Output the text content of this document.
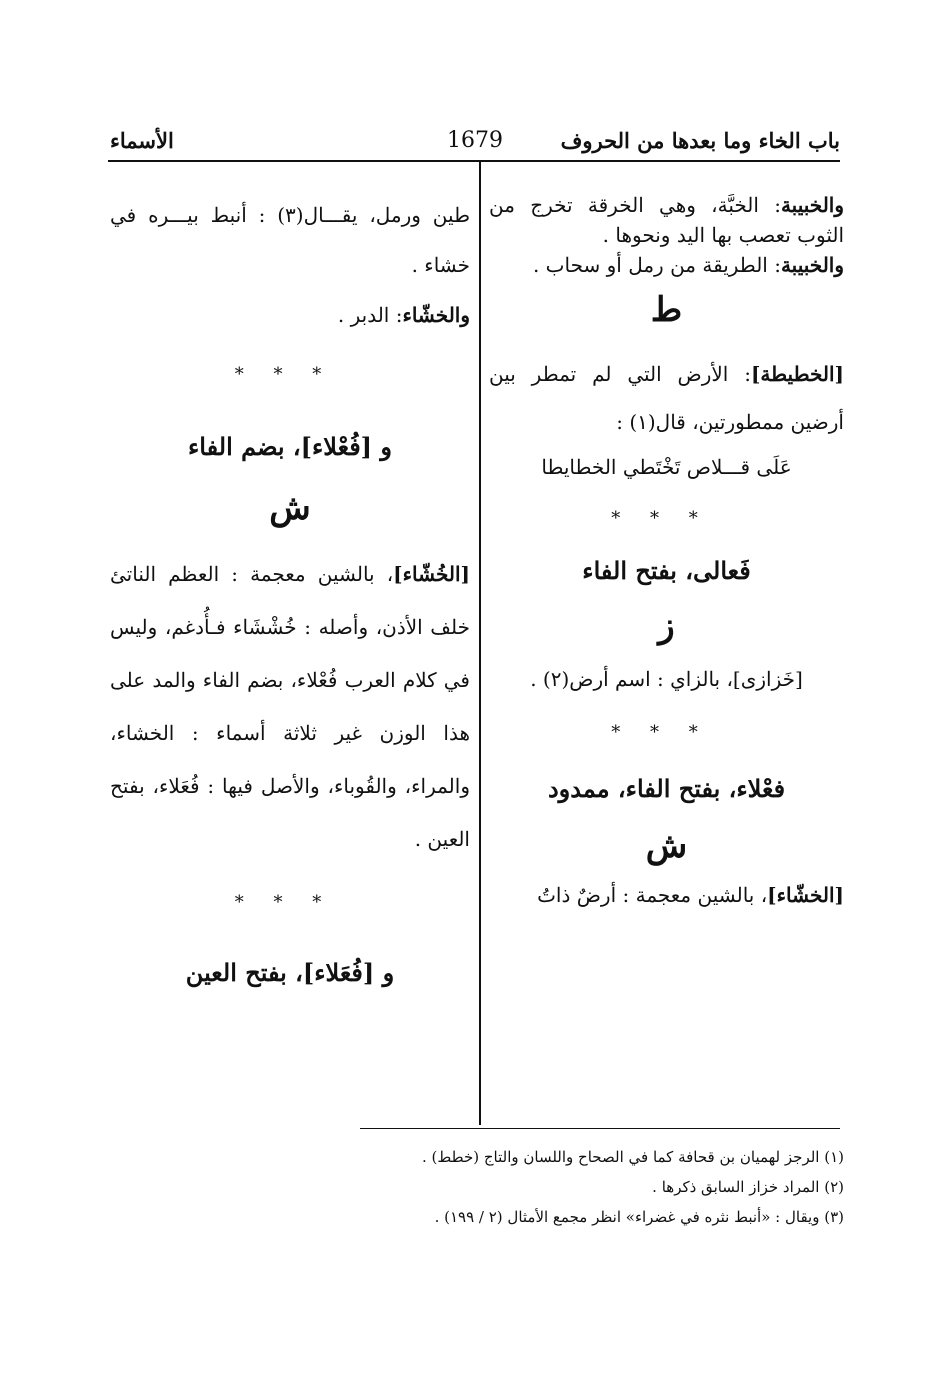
باب الخاء وما بعدها من الحروف
1679
الأسماء

والخبيبة: الخبَّة، وهي الخرقة تخرج من الثوب تعصب بها اليد ونحوها .

والخبيبة: الطريقة من رمل أو سحاب .

ط

[الخطيطة]: الأرض التي لم تمطر بين أرضين ممطورتين، قال(١) :

عَلَى قـــلاص تَخْتَطي الخطايطا

* * *

فَعالى، بفتح الفاء

ز

[خَزازى]، بالزاي : اسم أرض(٢) .

* * *

فعْلاء، بفتح الفاء، ممدود

ش

[الخشّاء]، بالشين معجمة : أرضٌ ذاتُ

طين ورمل، يقـــال(٣) : أنبط بيـــره في خشاء .

والخشّاء: الدبر .

* * *

و [فُعْلاء]، بضم الفاء

ش

[الخُشّاء]، بالشين معجمة : العظم الناتئ خلف الأذن، وأصله : خُشْشَاء فـأُدغم، وليس في كلام العرب فُعْلاء، بضم الفاء والمد على هذا الوزن غير ثلاثة أسماء : الخشاء، والمراء، والقُوباء، والأصل فيها : فُعَلاء، بفتح العين .

* * *

و [فُعَلاء]، بفتح العين

(١) الرجز لهميان بن قحافة كما في الصحاح واللسان والتاج (خطط) .

(٢) المراد خزاز السابق ذكرها .

(٣) ويقال : «أنبط نثره في غضراء» انظر مجمع الأمثال (٢ / ١٩٩) .
